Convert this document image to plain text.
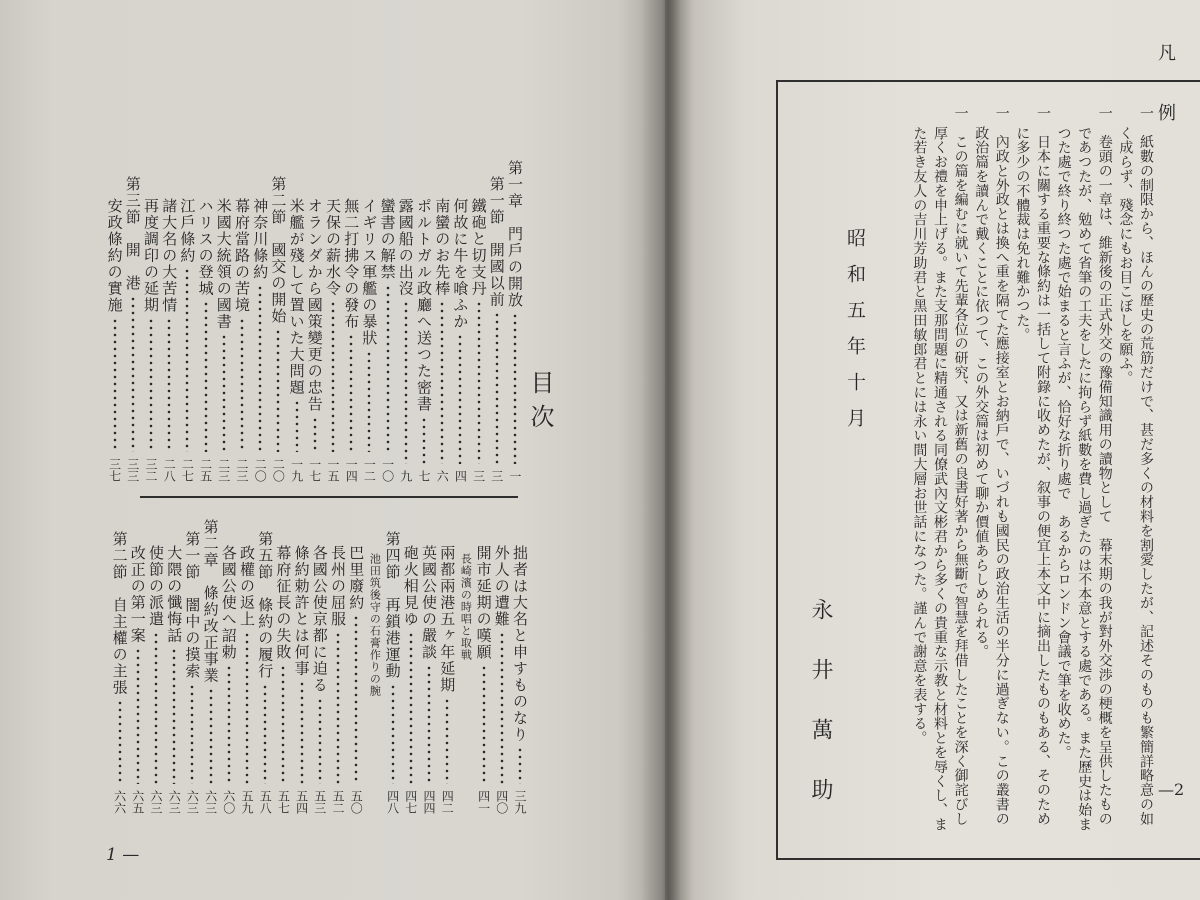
目次
第一章　門戶の開放
一
第一節　開國以前
三
鐵砲と切支丹
三
何故に牛を喰ふか
四
南蠻のお先棒
六
ポルトガル政廳へ送つた密書
七
露國船の出沒
九
蠻書の解禁
一〇
イギリス軍艦の暴狀
一二
無二打拂令の發布
一四
天保の薪水令
一五
オランダから國策變更の忠告
一七
米艦が殘して置いた大問題
一九
第二節　國交の開始
二〇
神奈川條約
二〇
幕府當路の苦境
二三
米國大統領の國書
二三
ハリスの登城
二五
江戶條約
二七
諸大名の大苦情
二八
再度調印の延期
三二
第三節　開　港
三三
安政條約の實施
三七
拙者は大名と申すものなり
三九
外人の遭難
四〇
開市延期の嘆願
四一
長崎濱の時唱と取戦
兩都兩港五ヶ年延期
四二
英國公使の嚴談
四四
砲火相見ゆ
四七
第四節　再鎖港運動
四八
池田筑後守の石膏作りの腕
巴里廢約
五〇
長州の屈服
五二
各國公使京都に迫る
五三
條約勅許とは何事
五四
幕府征長の失敗
五七
第五節　條約の履行
五八
政權の返上
五九
各國公使へ詔勅
六〇
第二章　條約改正事業
六三
第一節　闇中の摸索
六三
大隈の懺悔話
六三
使節の派遣
六三
改正の第一案
六五
第二節　自主權の主張
六六
1 —
凡例
一　紙數の制限から、ほんの歷史の荒筋だけで、甚だ多くの材料を割愛したが、記述そのものも繁簡詳略意の如
く成らず、殘念にもお目こぼしを願ふ。
一　卷頭の一章は、維新後の正式外交の豫備知識用の讀物として　幕末期の我が對外交渉の梗概を呈供したもの
であつたが、勉めて省筆の工夫をしたに拘らず紙數を費し過ぎたのは不本意とする處である。また歷史は始ま
つた處で終り終つた處で始まると言ふが、恰好な折り處で　あるからロンドン會議で筆を收めた。
一　日本に關する重要な條約は一括して附錄に收めたが、叙事の便宜上本文中に摘出したものもある、そのため
に多少の不體裁は免れ難かつた。
一　內政と外政とは換へ重を隔てた應接室とお納戶で、いづれも國民の政治生活の半分に過ぎない。この叢書の
政治篇を讀んで戴くことに依つて、この外交篇は初めて聊か價値あらしめられる。
一　この篇を編むに就いて先輩各位の研究、又は新舊の良書好著から無斷で智慧を拜借したことを深く御詫びし
厚くお禮を申上げる。また支那問題に精通される同僚武內文彬君から多くの貴重な示教と材料とを辱くし、ま
た若き友人の吉川芳助君と黑田敏郎君とには永い間大層お世話になつた。謹んで謝意を表する。
昭和五年十月
永井萬助	—2
